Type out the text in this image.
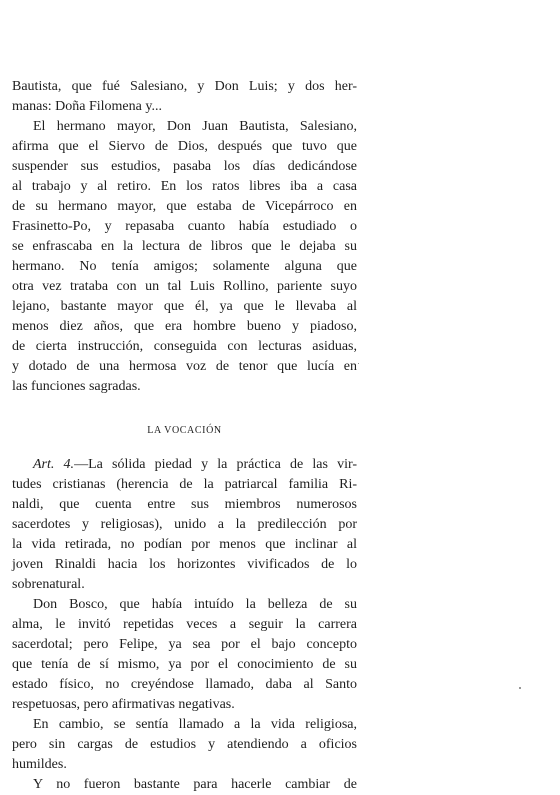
Bautista, que fué Salesiano, y Don Luis; y dos her-
manas: Doña Filomena y...
El hermano mayor, Don Juan Bautista, Salesiano,
afirma que el Siervo de Dios, después que tuvo que
suspender sus estudios, pasaba los días dedicándose
al trabajo y al retiro. En los ratos libres iba a casa
de su hermano mayor, que estaba de Vicepárroco en
Frasinetto-Po, y repasaba cuanto había estudiado o
se enfrascaba en la lectura de libros que le dejaba su
hermano. No tenía amigos; solamente alguna que
otra vez trataba con un tal Luis Rollino, pariente suyo
lejano, bastante mayor que él, ya que le llevaba al
menos diez años, que era hombre bueno y piadoso,
de cierta instrucción, conseguida con lecturas asiduas,
y dotado de una hermosa voz de tenor que lucía en
las funciones sagradas.
LA VOCACIÓN
Art. 4.—La sólida piedad y la práctica de las vir-
tudes cristianas (herencia de la patriarcal familia Ri-
naldi, que cuenta entre sus miembros numerosos
sacerdotes y religiosas), unido a la predilección por
la vida retirada, no podían por menos que inclinar al
joven Rinaldi hacia los horizontes vivificados de lo
sobrenatural.
Don Bosco, que había intuído la belleza de su
alma, le invitó repetidas veces a seguir la carrera
sacerdotal; pero Felipe, ya sea por el bajo concepto
que tenía de sí mismo, ya por el conocimiento de su
estado físico, no creyéndose llamado, daba al Santo
respetuosas, pero afirmativas negativas.
En cambio, se sentía llamado a la vida religiosa,
pero sin cargas de estudios y atendiendo a oficios
humildes.
Y no fueron bastante para hacerle cambiar de
